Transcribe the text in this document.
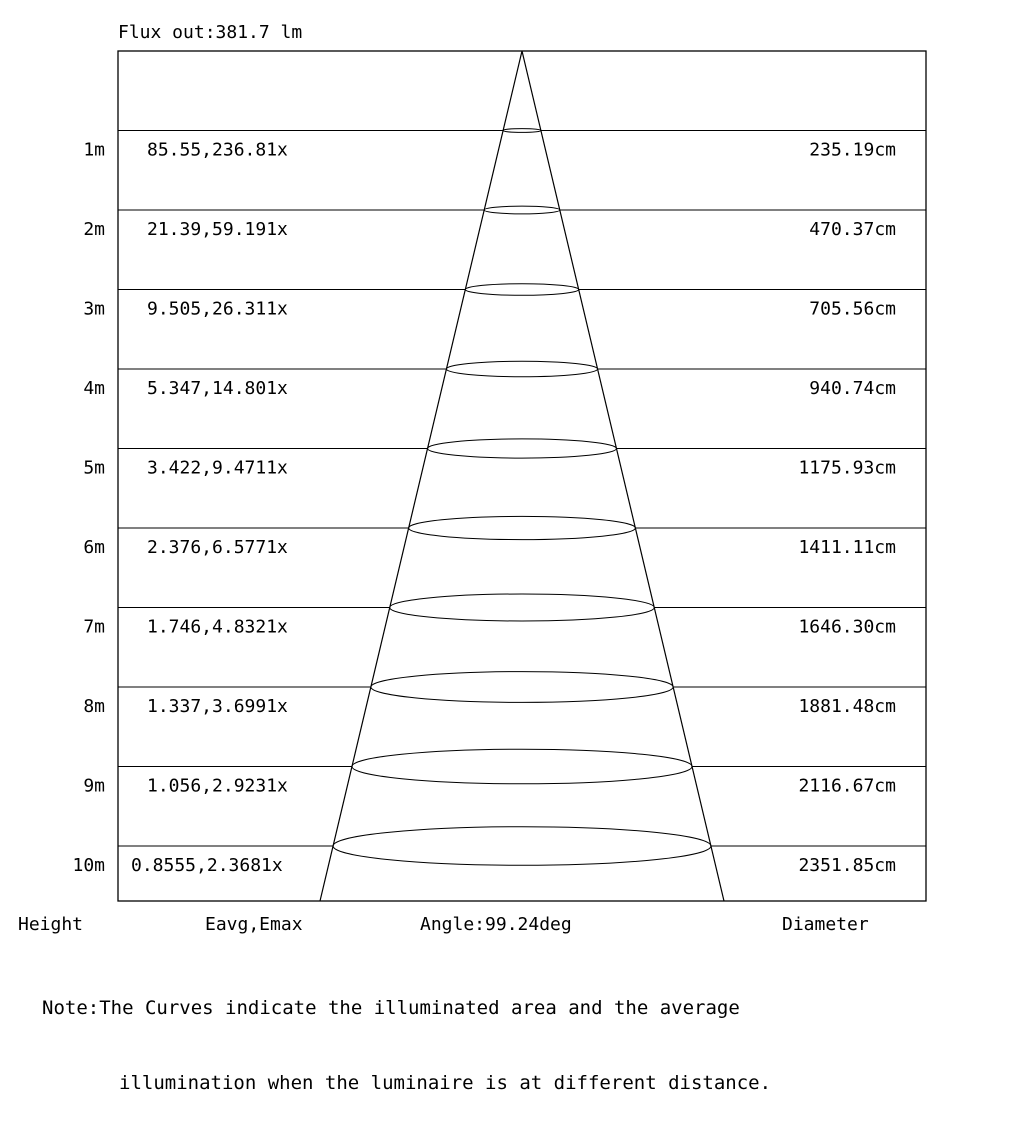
Flux out:381.7 lm
1m 85.55,236.81x	235.19cm
2m 21.39,59.191x	470.37cm
3m 9.505,26.311x	705.56cm
4m 5.347,14.801x	940.74cm
5m 3.422,9.4711x	1175.93cm
6m 2.376,6.5771x	1411.11cm
7m 1.746,4.8321x	1646.30cm
8m 1.337,3.6991x	1881.48cm
9m 1.056,2.9231x	2116.67cm
10m 0.8555,2.3681x	2351.85cm
Height	Eavg,Emax	Angle:99.24deg	Diameter

Note:The Curves indicate the illuminated area and the average

illumination when the luminaire is at different distance.
